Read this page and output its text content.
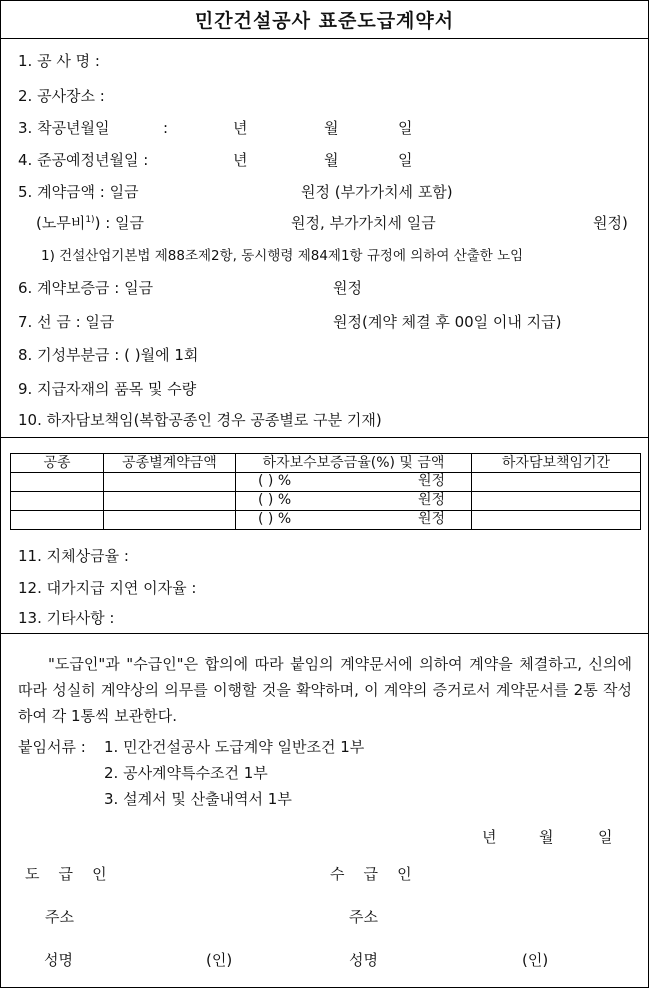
민간건설공사 표준도급계약서
1. 공 사 명 :
2. 공사장소 :
3. 착공년월일	:	년	월	일
4. 준공예정년월일 :	년	월	일
5. 계약금액 : 일금	원정 (부가가치세 포함)
(노무비$^{1)}$) : 일금	원정, 부가가치세 일금	원정)
1) 건설산업기본법 제88조제2항, 동시행령 제84제1항 규정에 의하여 산출한 노임
6. 계약보증금 : 일금	원정
7. 선 금 : 일금	원정(계약 체결 후 00일 이내 지급)
8. 기성부분금 : ( )월에 1회
9. 지급자재의 품목 및 수량
10. 하자담보책임(복합공종인 경우 공종별로 구분 기재)
공종	공종별계약금액	하자보수보증금율(%) 및 금액	하자담보책임기간

		( ) % 원정	

		( ) % 원정	

		( ) % 원정	

11. 지체상금율 :
12. 대가지급 지연 이자율 :
13. 기타사항 :
"도급인"과 "수급인"은 합의에 따라 붙임의 계약문서에 의하여 계약을 체결하고, 신의에 따라 성실히 계약상의 의무를 이행할 것을 확약하며, 이 계약의 증거로서 계약문서를 2통 작성하여 각 1통씩 보관한다.
붙임서류 : 1. 민간건설공사 도급계약 일반조건 1부
2. 공사계약특수조건 1부
3. 설계서 및 산출내역서 1부
년	월	일
도    급    인	수    급    인
주소	주소
성명	(인)	성명	(인)
